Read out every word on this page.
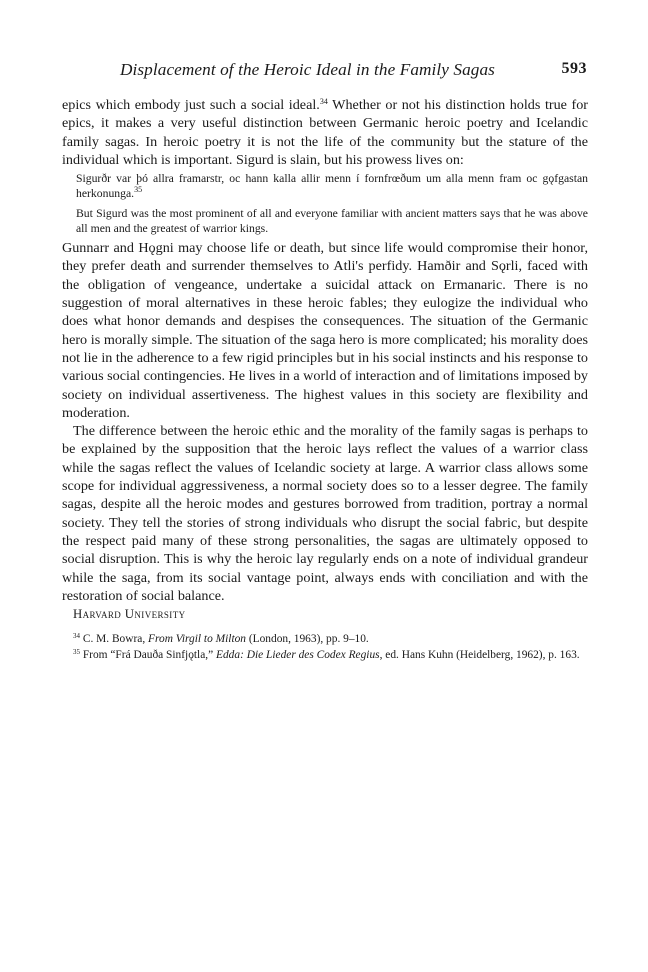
Displacement of the Heroic Ideal in the Family Sagas	593

epics which embody just such a social ideal.$^{34}$ Whether or not his distinction holds true for epics, it makes a very useful distinction between Germanic heroic poetry and Icelandic family sagas. In heroic poetry it is not the life of the community but the stature of the individual which is important. Sigurd is slain, but his prowess lives on:

Sigurðr var þó allra framarstr, oc hann kalla allir menn í fornfrœðum um alla menn fram oc gǫfgastan herkonunga.$^{35}$

But Sigurd was the most prominent of all and everyone familiar with ancient matters says that he was above all men and the greatest of warrior kings.

Gunnarr and Hǫgni may choose life or death, but since life would compromise their honor, they prefer death and surrender themselves to Atli's perfidy. Hamðir and Sǫrli, faced with the obligation of vengeance, undertake a suicidal attack on Ermanaric. There is no suggestion of moral alternatives in these heroic fables; they eulogize the individual who does what honor demands and despises the consequences. The situation of the Germanic hero is morally simple. The situation of the saga hero is more complicated; his morality does not lie in the adherence to a few rigid principles but in his social instincts and his response to various social contingencies. He lives in a world of interaction and of limitations imposed by society on individual assertiveness. The highest values in this society are flexibility and moderation.

The difference between the heroic ethic and the morality of the family sagas is perhaps to be explained by the supposition that the heroic lays reflect the values of a warrior class while the sagas reflect the values of Icelandic society at large. A warrior class allows some scope for individual aggressiveness, a normal society does so to a lesser degree. The family sagas, despite all the heroic modes and gestures borrowed from tradition, portray a normal society. They tell the stories of strong individuals who disrupt the social fabric, but despite the respect paid many of these strong personalities, the sagas are ultimately opposed to social disruption. This is why the heroic lay regularly ends on a note of individual grandeur while the saga, from its social vantage point, always ends with conciliation and with the restoration of social balance.

Harvard University

$^{34}$ C. M. Bowra, From Virgil to Milton (London, 1963), pp. 9–10.

$^{35}$ From “Frá Dauða Sinfjǫtla,” Edda: Die Lieder des Codex Regius, ed. Hans Kuhn (Heidelberg, 1962), p. 163.
